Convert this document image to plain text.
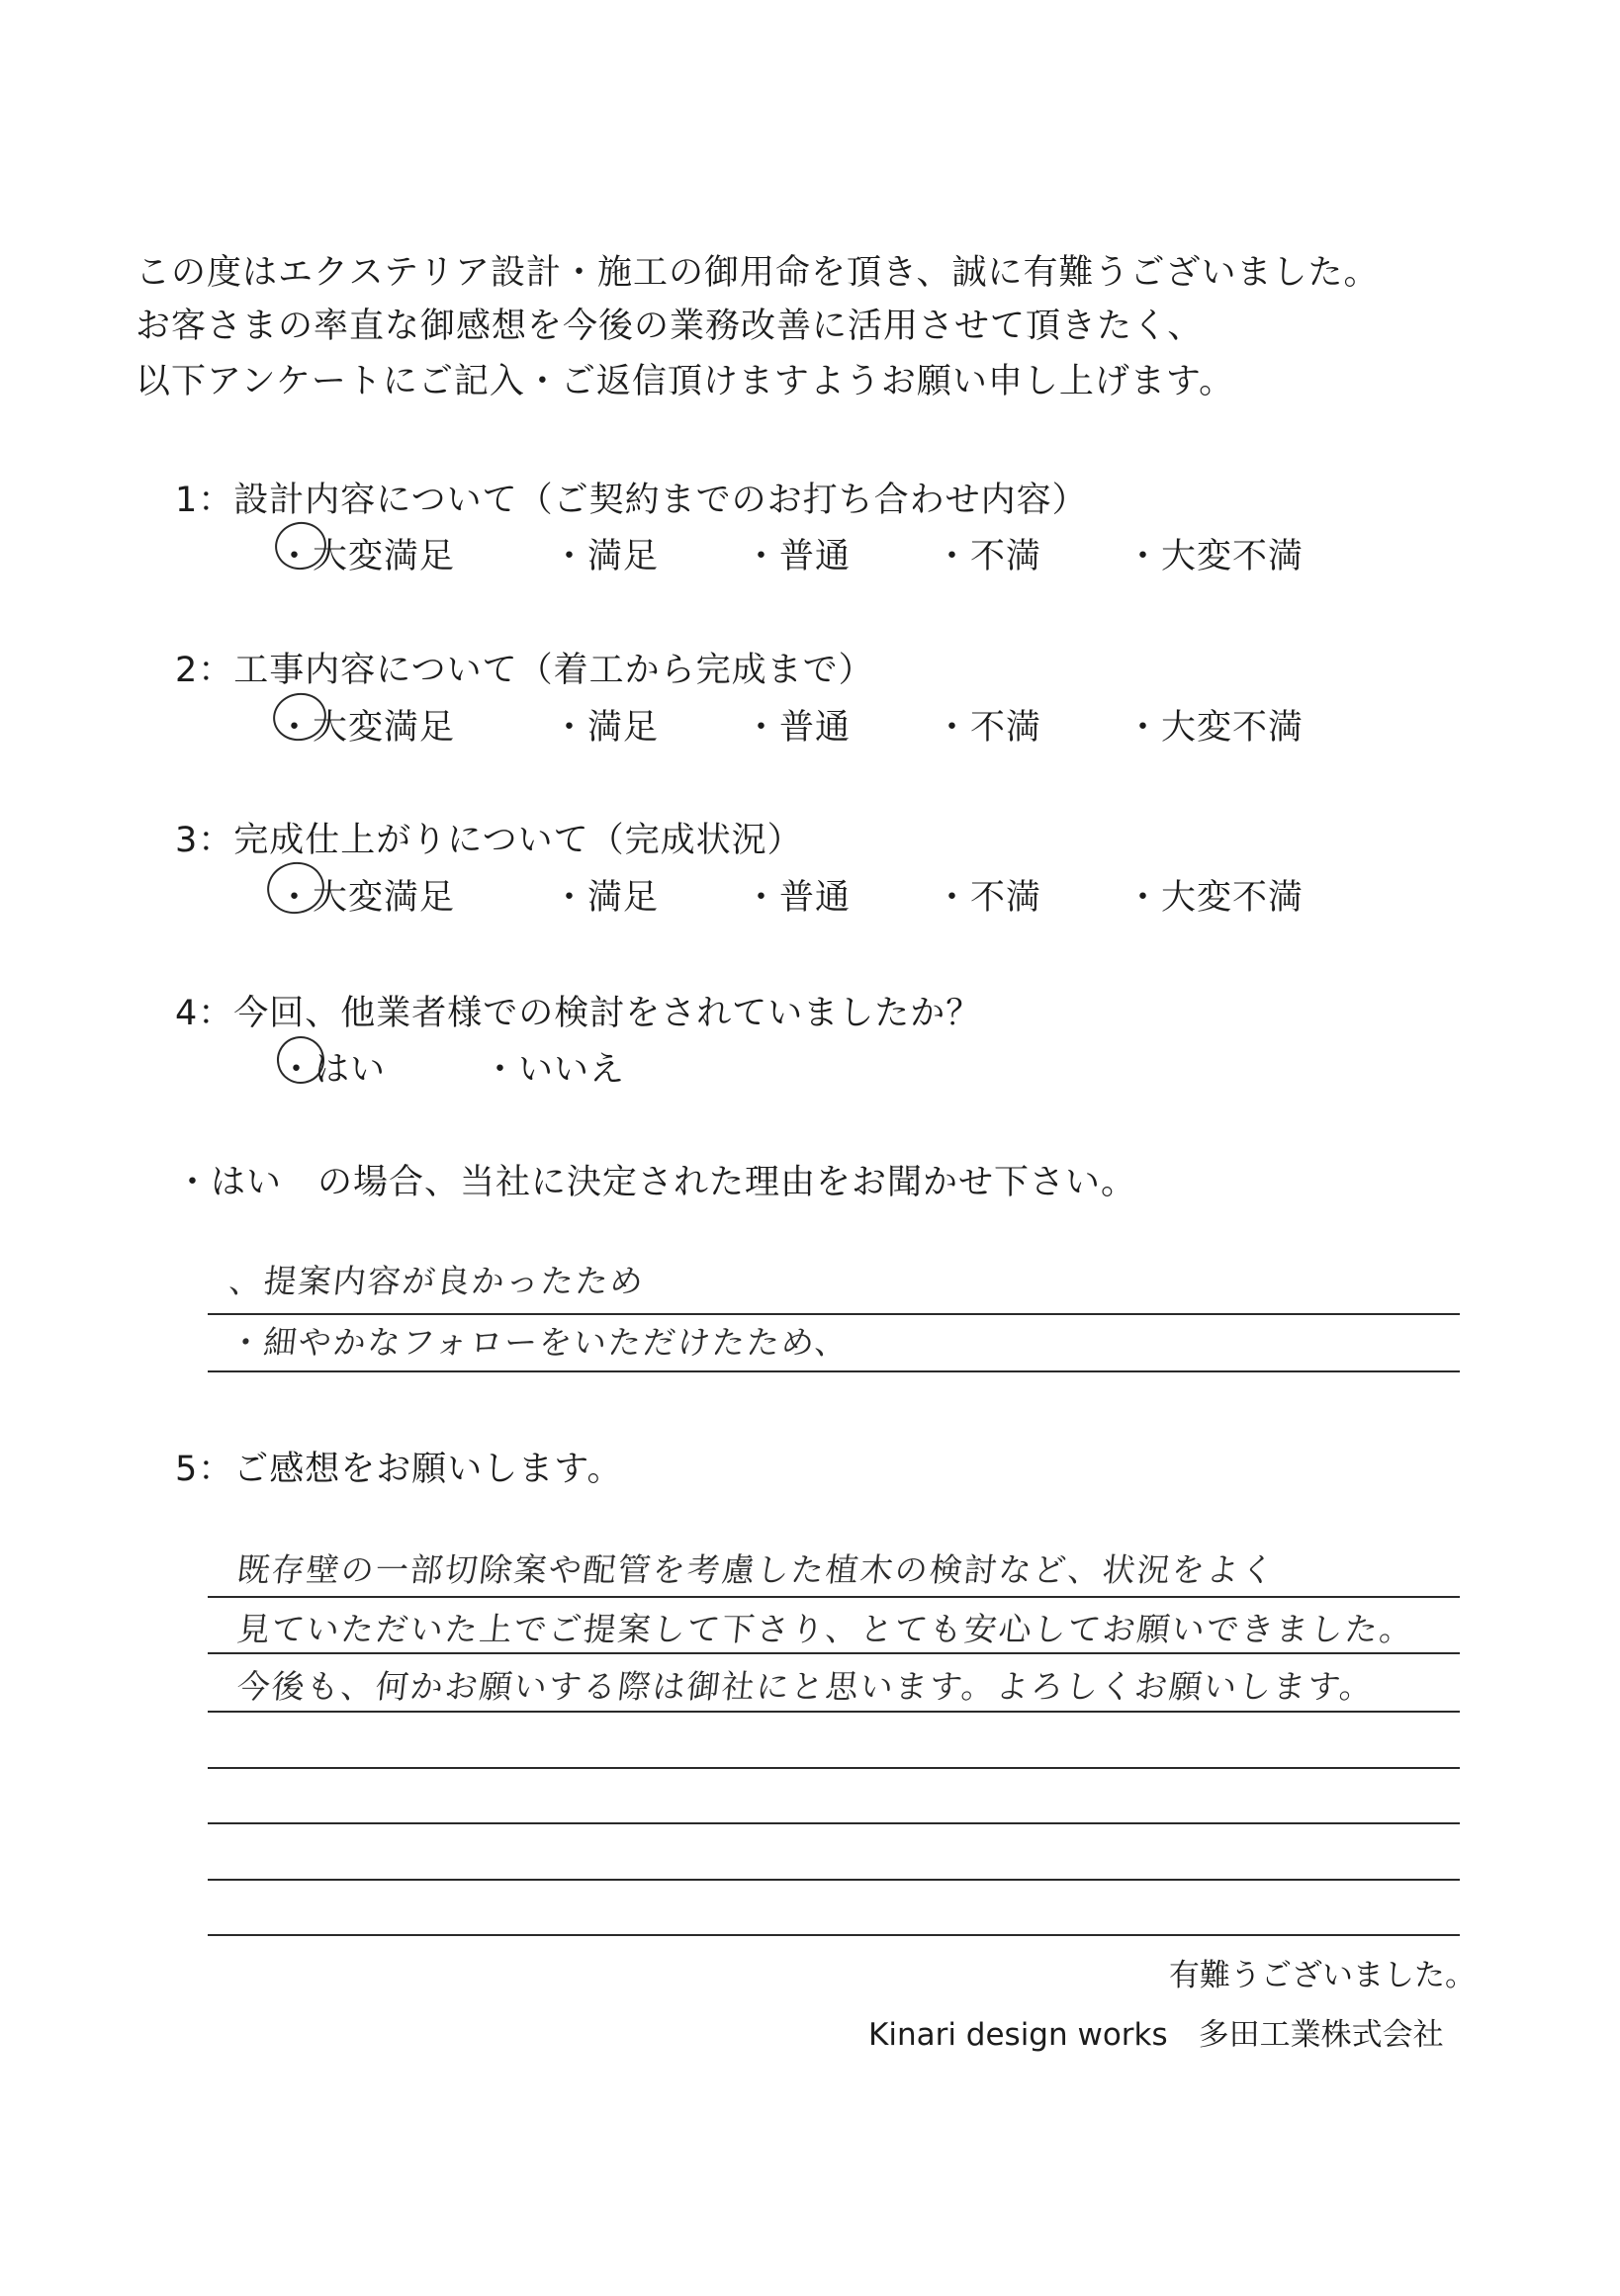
この度はエクステリア設計・施工の御用命を頂き、誠に有難うございました。
お客さまの率直な御感想を今後の業務改善に活用させて頂きたく、
以下アンケートにご記入・ご返信頂けますようお願い申し上げます。
1：設計内容について（ご契約までのお打ち合わせ内容）
・大変満足	・満足 ・普通 ・不満 ・大変不満
2：工事内容について（着工から完成まで）
・大変満足	・満足 ・普通 ・不満 ・大変不満
3：完成仕上がりについて（完成状況）
・大変満足	・満足 ・普通 ・不満 ・大変不満
4：今回、他業者様での検討をされていましたか？
・はい	・いいえ
・はい　の場合、当社に決定された理由をお聞かせ下さい。
、提案内容が良かったため
・細やかなフォローをいただけたため、
5：ご感想をお願いします。
既存壁の一部切除案や配管を考慮した植木の検討など、状況をよく
見ていただいた上でご提案して下さり、とても安心してお願いできました。
今後も、何かお願いする際は御社にと思います。よろしくお願いします。
有難うございました。
Kinari design works　多田工業株式会社
